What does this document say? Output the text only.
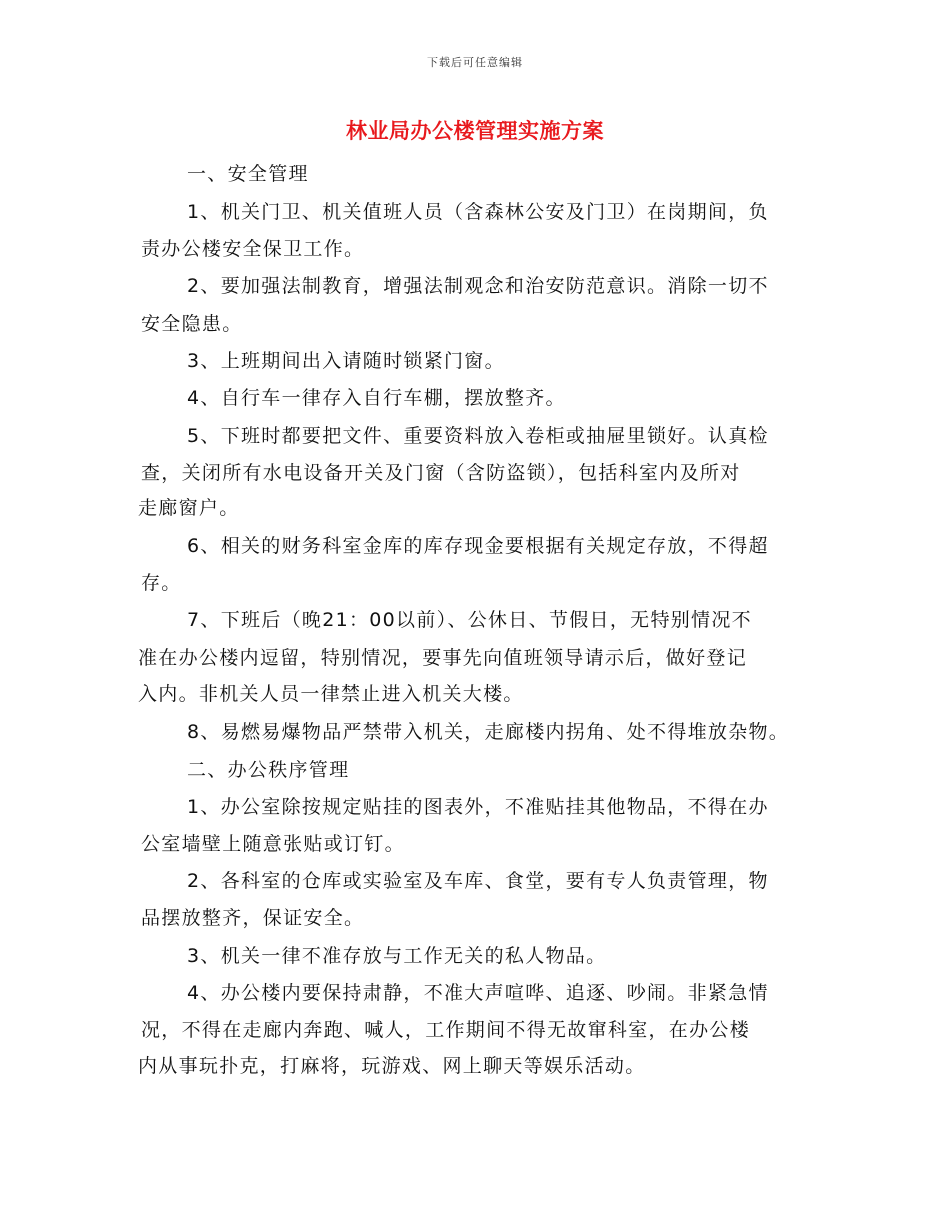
下载后可任意编辑
林业局办公楼管理实施方案
一、安全管理
1、机关门卫、机关值班人员（含森林公安及门卫）在岗期间，负
责办公楼安全保卫工作。
2、要加强法制教育，增强法制观念和治安防范意识。消除一切不
安全隐患。
3、上班期间出入请随时锁紧门窗。
4、自行车一律存入自行车棚，摆放整齐。
5、下班时都要把文件、重要资料放入卷柜或抽屉里锁好。认真检
查，关闭所有水电设备开关及门窗（含防盗锁），包括科室内及所对
走廊窗户。
6、相关的财务科室金库的库存现金要根据有关规定存放，不得超
存。
7、下班后（晚21：00以前）、公休日、节假日，无特别情况不
准在办公楼内逗留，特别情况，要事先向值班领导请示后，做好登记
入内。非机关人员一律禁止进入机关大楼。
8、易燃易爆物品严禁带入机关，走廊楼内拐角、处不得堆放杂物。
二、办公秩序管理
1、办公室除按规定贴挂的图表外，不准贴挂其他物品，不得在办
公室墙壁上随意张贴或订钉。
2、各科室的仓库或实验室及车库、食堂，要有专人负责管理，物
品摆放整齐，保证安全。
3、机关一律不准存放与工作无关的私人物品。
4、办公楼内要保持肃静，不准大声喧哗、追逐、吵闹。非紧急情
况，不得在走廊内奔跑、喊人，工作期间不得无故窜科室，在办公楼
内从事玩扑克，打麻将，玩游戏、网上聊天等娱乐活动。
